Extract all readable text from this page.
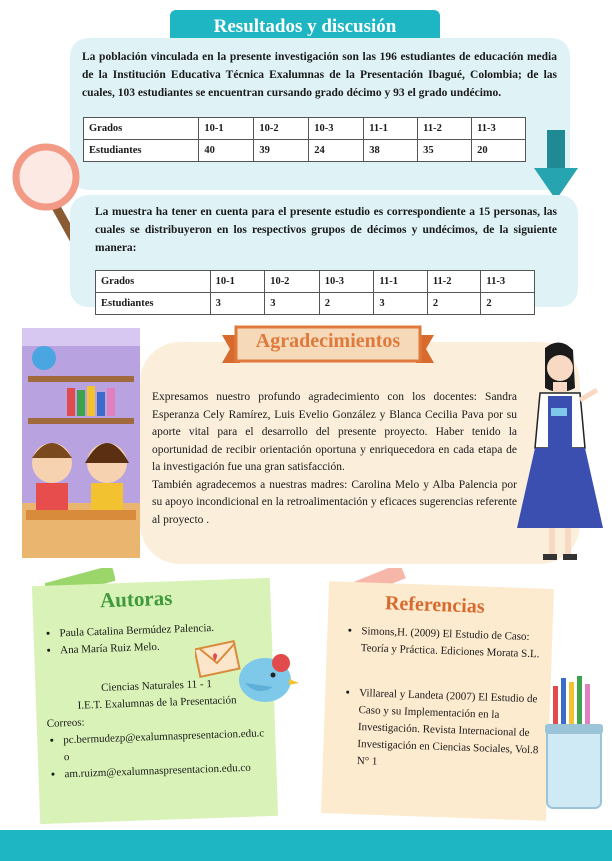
Resultados y discusión
La población vinculada en la presente investigación son las 196 estudiantes de educación media de la Institución Educativa Técnica Exalumnas de la Presentación Ibagué, Colombia; de las cuales, 103 estudiantes se encuentran cursando grado décimo y 93 el grado undécimo.
Grados	10-1	10-2	10-3	11-1	11-2	11-3
Estudiantes	40	39	24	38	35	20
La muestra ha tener en cuenta para el presente estudio es correspondiente a 15 personas, las cuales se distribuyeron en los respectivos grupos de décimos y undécimos, de la siguiente manera:
Grados	10-1	10-2	10-3	11-1	11-2	11-3
Estudiantes	3	3	2	3	2	2
Agradecimientos
Expresamos nuestro profundo agradecimiento con los docentes: Sandra Esperanza Cely Ramírez, Luis Evelio González y Blanca Cecilia Pava por su aporte vital para el desarrollo del presente proyecto. Haber tenido la oportunidad de recibir orientación oportuna y enriquecedora en cada etapa de la investigación fue una gran satisfacción.
También agradecemos a nuestras madres: Carolina Melo y Alba Palencia por su apoyo incondicional en la retroalimentación y eficaces sugerencias referente al proyecto .
Autoras
• Paula Catalina Bermúdez Palencia.
• Ana María Ruiz Melo.
Ciencias Naturales 11 - 1
I.E.T. Exalumnas de la Presentación
Correos:
• pc.bermudezp@exalumnaspresentacion.edu.co
• am.ruizm@exalumnaspresentacion.edu.co
Referencias
• Simons,H. (2009) El Estudio de Caso: Teoría y Práctica. Ediciones Morata S.L.
• Villareal y Landeta (2007) El Estudio de Caso y su Implementación en la Investigación. Revista Internacional de Investigación en Ciencias Sociales, Vol.8 N° 1
